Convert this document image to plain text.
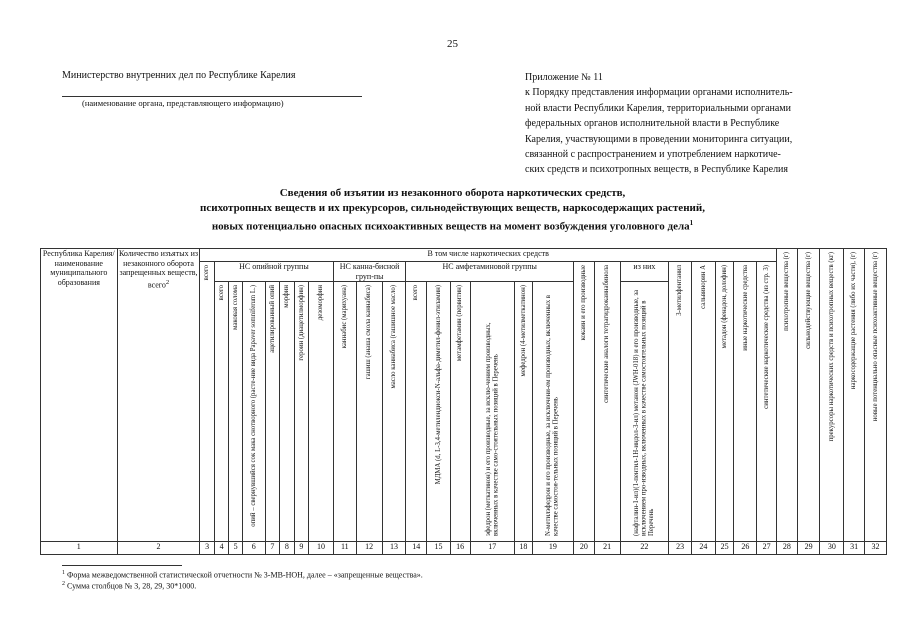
25
Министерство внутренних дел по Республике Карелия
(наименование органа, представляющего информацию)
Приложение № 11
к Порядку представления информации органами исполнитель-
ной власти Республики Карелия, территориальными органами
федеральных органов исполнительной власти в Республике
Карелия, участвующими в проведении мониторинга ситуации,
связанной с распространением и употреблением наркотиче-
ских средств и психотропных веществ, в Республике Карелия
Сведения об изъятии из незаконного оборота наркотических средств,
психотропных веществ и их прекурсоров, сильнодействующих веществ, наркосодержащих растений,
новых потенциально опасных психоактивных веществ на момент возбуждения уголовного дела$^1$
Республика Карелия/ наименование муниципального образования	Количество изъятых из незаконного оборота запрещенных веществ, всего$^2$	В том числе наркотических средств																									психотропные вещества (г)	сильнодействующие вещества (г)	прекурсоры наркотических средств и психотропных веществ (кг)	наркосодержащие растения (либо их части), (г)	новые потенциально опасные психоактивные вещества (г)
		всего	НС опийной группы							НС канна-бисной груп-пы			НС амфетаминовой группы						кокаин и его производные	синтетические аналоги тетрагидроканнабинола	из них	3-метилфентанил	сальвинорин А	метадон (фенадон, долофин)	иные наркотические средства	синтетические наркотические средства (из стр. 3)					
			всего	маковая солома	опий – свернувшийся сок мака снотворного (расте-ние вида Papaver somniferum L.)	ацетилированный опий	морфин	героин (диацетилморфин)	дезоморфин	каннабис (марихуана)	гашиш (анаша смола каннабиса)	масло каннабиса (гашишное масло)	всего	МДМА (d, L-3,4-метилендиокси-N-альфа-диметил-фенил-этиламин)	метамфетамин (первитин)	эфедрон (меткатинон) и его производные, за исклю-чением производных, включенных в качестве само-стоятельных позиций в Перечень	мефедрон (4-метилметкатинон)	N-метилэфедрон и его производные, за исключени-ем производных, включенных в качестве самостоя-тельных позиций в Перечень			(нафталин-1-ил)(1-пентил-1Н-индол-3-ил) метанон (JWH-018) и его производные, за исключением про-изводных, включенных в качестве самостоятельных позиций в Перечень										
1	2	3	4	5	6	7	8	9	10	11	12	13	14	15	16	17	18	19	20	21	22	23	24	25	26	27	28	29	30	31	32
$^1$ Форма межведомственной статистической отчетности № 3-МВ-НОН, далее – «запрещенные вещества».
$^2$ Сумма столбцов № 3, 28, 29, 30*1000.
